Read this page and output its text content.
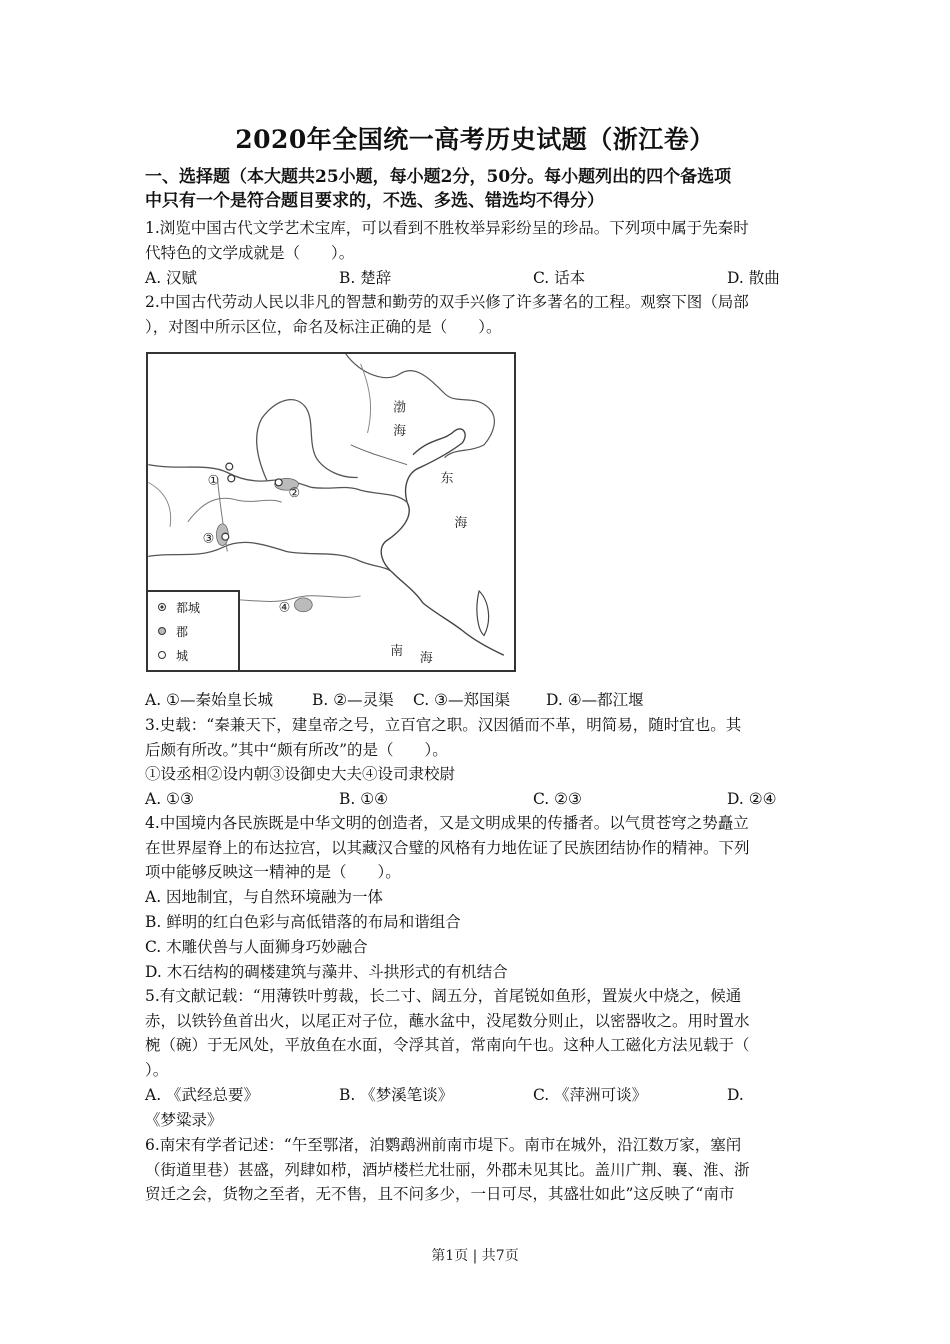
2020年全国统一高考历史试题（浙江卷）
一、选择题（本大题共25小题，每小题2分，50分。每小题列出的四个备选项
中只有一个是符合题目要求的，不选、多选、错选均不得分）
1.浏览中国古代文学艺术宝库，可以看到不胜枚举异彩纷呈的珍品。下列项中属于先秦时
代特色的文学成就是（　　）。
A. 汉赋	B. 楚辞	C. 话本	D. 散曲
2.中国古代劳动人民以非凡的智慧和勤劳的双手兴修了许多著名的工程。观察下图（局部
），对图中所示区位，命名及标注正确的是（　　）。
①
②
③
④
渤
海
东
海
南 海
都城
郡
城
A. ①—秦始皇长城	B. ②—灵渠 C. ③—郑国渠 D. ④—都江堰
3.史载：“秦兼天下，建皇帝之号，立百官之职。汉因循而不革，明简易，随时宜也。其
后颇有所改。”其中“颇有所改”的是（　　）。
①设丞相②设内朝③设御史大夫④设司隶校尉
A. ①③	B. ①④	C. ②③	D. ②④
4.中国境内各民族既是中华文明的创造者，又是文明成果的传播者。以气贯苍穹之势矗立
在世界屋脊上的布达拉宫，以其藏汉合璧的风格有力地佐证了民族团结协作的精神。下列
项中能够反映这一精神的是（　　）。
A. 因地制宜，与自然环境融为一体
B. 鲜明的红白色彩与高低错落的布局和谐组合
C. 木雕伏兽与人面狮身巧妙融合
D. 木石结构的碉楼建筑与藻井、斗拱形式的有机结合
5.有文献记载：“用薄铁叶剪裁，长二寸、阔五分，首尾锐如鱼形，置炭火中烧之，候通
赤，以铁钤鱼首出火，以尾正对子位，蘸水盆中，没尾数分则止，以密器收之。用时置水
椀（碗）于无风处，平放鱼在水面，令浮其首，常南向午也。这种人工磁化方法见载于（
）。
A. 《武经总要》	B. 《梦溪笔谈》	C. 《萍洲可谈》	D.
《梦粱录》
6.南宋有学者记述：“午至鄂渚，泊鹦鹉洲前南市堤下。南市在城外，沿江数万家，塞闬
（街道里巷）甚盛，列肆如栉，酒垆楼栏尤壮丽，外郡未见其比。盖川广荆、襄、淮、浙
贸迁之会，货物之至者，无不售，且不问多少，一日可尽，其盛壮如此”这反映了“南市
第1页 | 共7页
